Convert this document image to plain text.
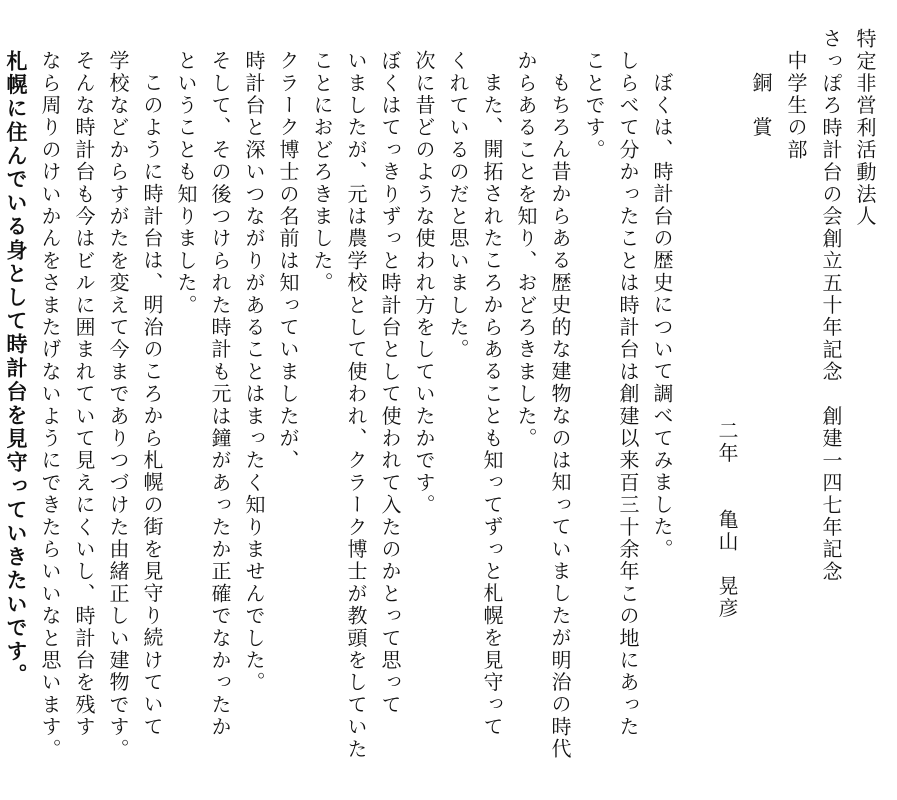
特定非営利活動法人

さっぽろ時計台の会創立五十年記念　創建一四七年記念

中学生の部

銅　賞

二年　　亀山　晃彦

ぼくは、時計台の歴史について調べてみました。

しらべて分かったことは時計台は創建以来百三十余年この地にあった

ことです。

もちろん昔からある歴史的な建物なのは知っていましたが明治の時代

からあることを知り、おどろきました。

また、開拓されたころからあることも知ってずっと札幌を見守って

くれているのだと思いました。

次に昔どのような使われ方をしていたかです。

ぼくはてっきりずっと時計台として使われて入たのかとって思って

いましたが、元は農学校として使われ、クラーク博士が教頭をしていた

ことにおどろきました。

クラーク博士の名前は知っていましたが、

時計台と深いつながりがあることはまったく知りませんでした。

そして、その後つけられた時計も元は鐘があったか正確でなかったか

ということも知りました。

このように時計台は、明治のころから札幌の街を見守り続けていて

学校などからすがたを変えて今までありつづけた由緒正しい建物です。

そんな時計台も今はビルに囲まれていて見えにくいし、時計台を残す

なら周りのけいかんをさまたげないようにできたらいいなと思います。

札幌に住んでいる身として時計台を見守っていきたいです。
